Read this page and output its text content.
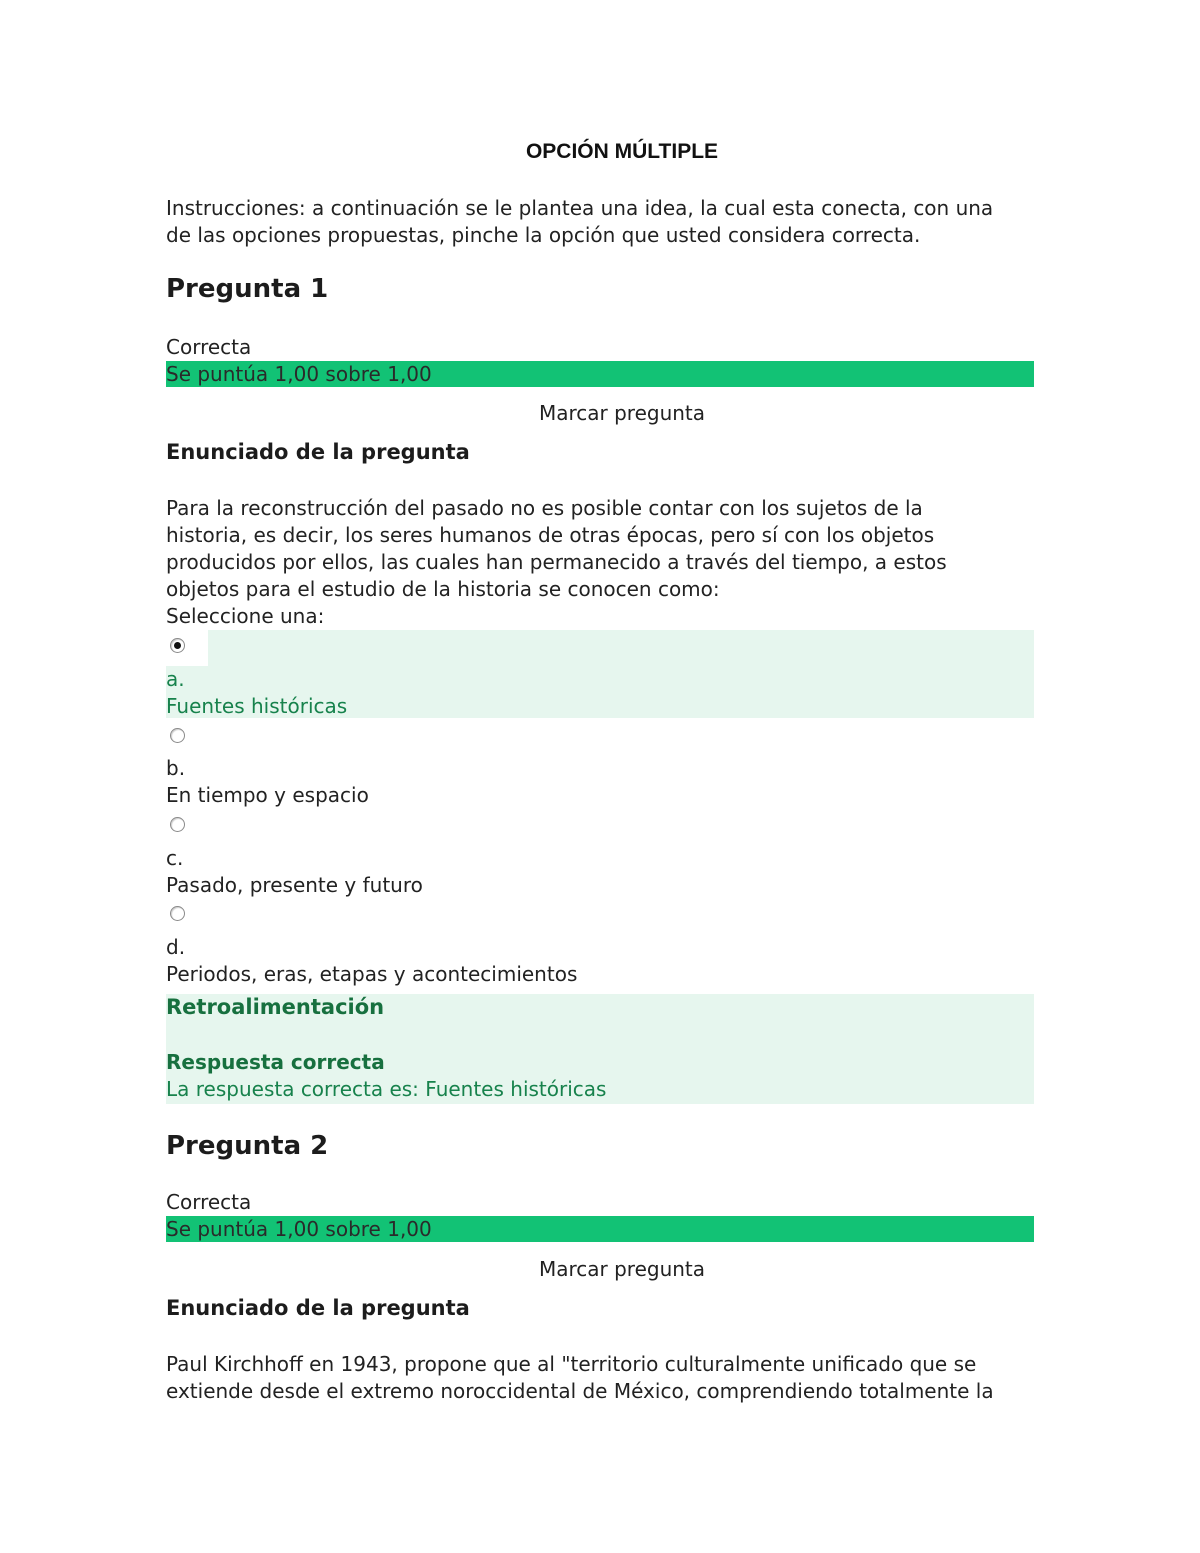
OPCIÓN MÚLTIPLE
Instrucciones: a continuación se le plantea una idea, la cual esta conecta, con una
de las opciones propuestas, pinche la opción que usted considera correcta.
Pregunta 1
Correcta
Se puntúa 1,00 sobre 1,00
Marcar pregunta
Enunciado de la pregunta
Para la reconstrucción del pasado no es posible contar con los sujetos de la
historia, es decir, los seres humanos de otras épocas, pero sí con los objetos
producidos por ellos, las cuales han permanecido a través del tiempo, a estos
objetos para el estudio de la historia se conocen como:
Seleccione una:
a.
Fuentes históricas
b.
En tiempo y espacio
c.
Pasado, presente y futuro
d.
Periodos, eras, etapas y acontecimientos
Retroalimentación
Respuesta correcta
La respuesta correcta es: Fuentes históricas
Pregunta 2
Correcta
Se puntúa 1,00 sobre 1,00
Marcar pregunta
Enunciado de la pregunta
Paul Kirchhoff en 1943, propone que al "territorio culturalmente unificado que se
extiende desde el extremo noroccidental de México, comprendiendo totalmente la
